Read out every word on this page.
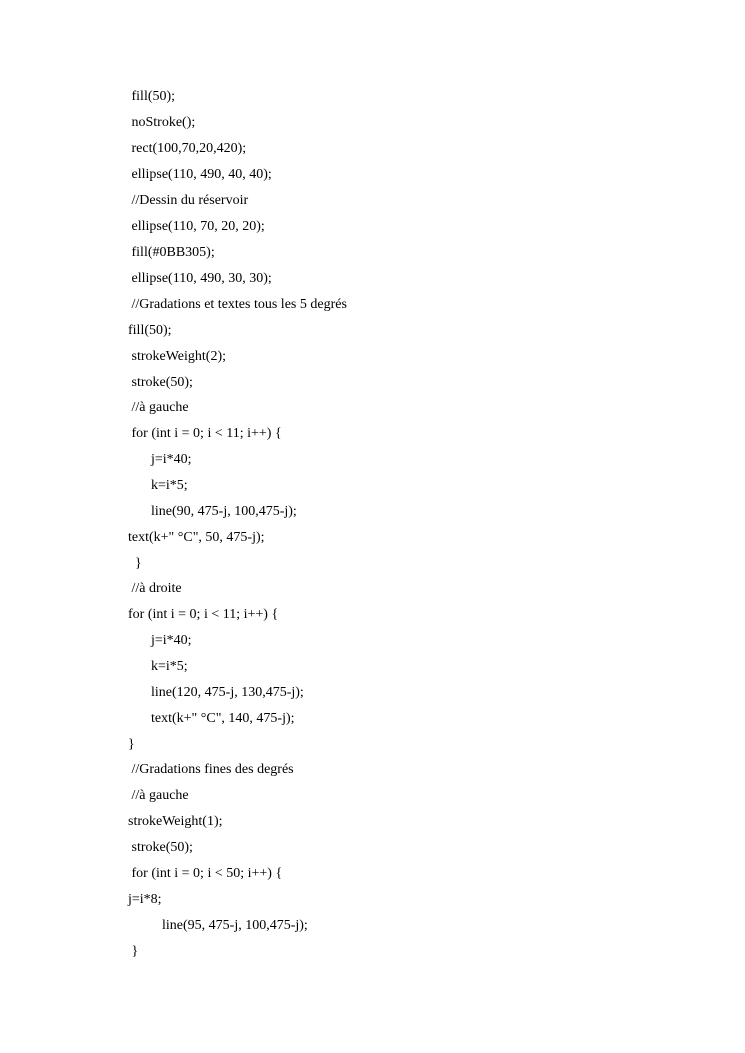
fill(50);
noStroke();
rect(100,70,20,420);
ellipse(110, 490, 40, 40);
//Dessin du réservoir
ellipse(110, 70, 20, 20);
fill(#0BB305);
ellipse(110, 490, 30, 30);
//Gradations et textes tous les 5 degrés
fill(50);
strokeWeight(2);
stroke(50);
//à gauche
for (int i = 0; i < 11; i++) {
j=i*40;
k=i*5;
line(90, 475-j, 100,475-j);
text(k+" °C", 50, 475-j);
}
//à droite
for (int i = 0; i < 11; i++) {
j=i*40;
k=i*5;
line(120, 475-j, 130,475-j);
text(k+" °C", 140, 475-j);
}
//Gradations fines des degrés
//à gauche
strokeWeight(1);
stroke(50);
for (int i = 0; i < 50; i++) {
j=i*8;
line(95, 475-j, 100,475-j);
}
